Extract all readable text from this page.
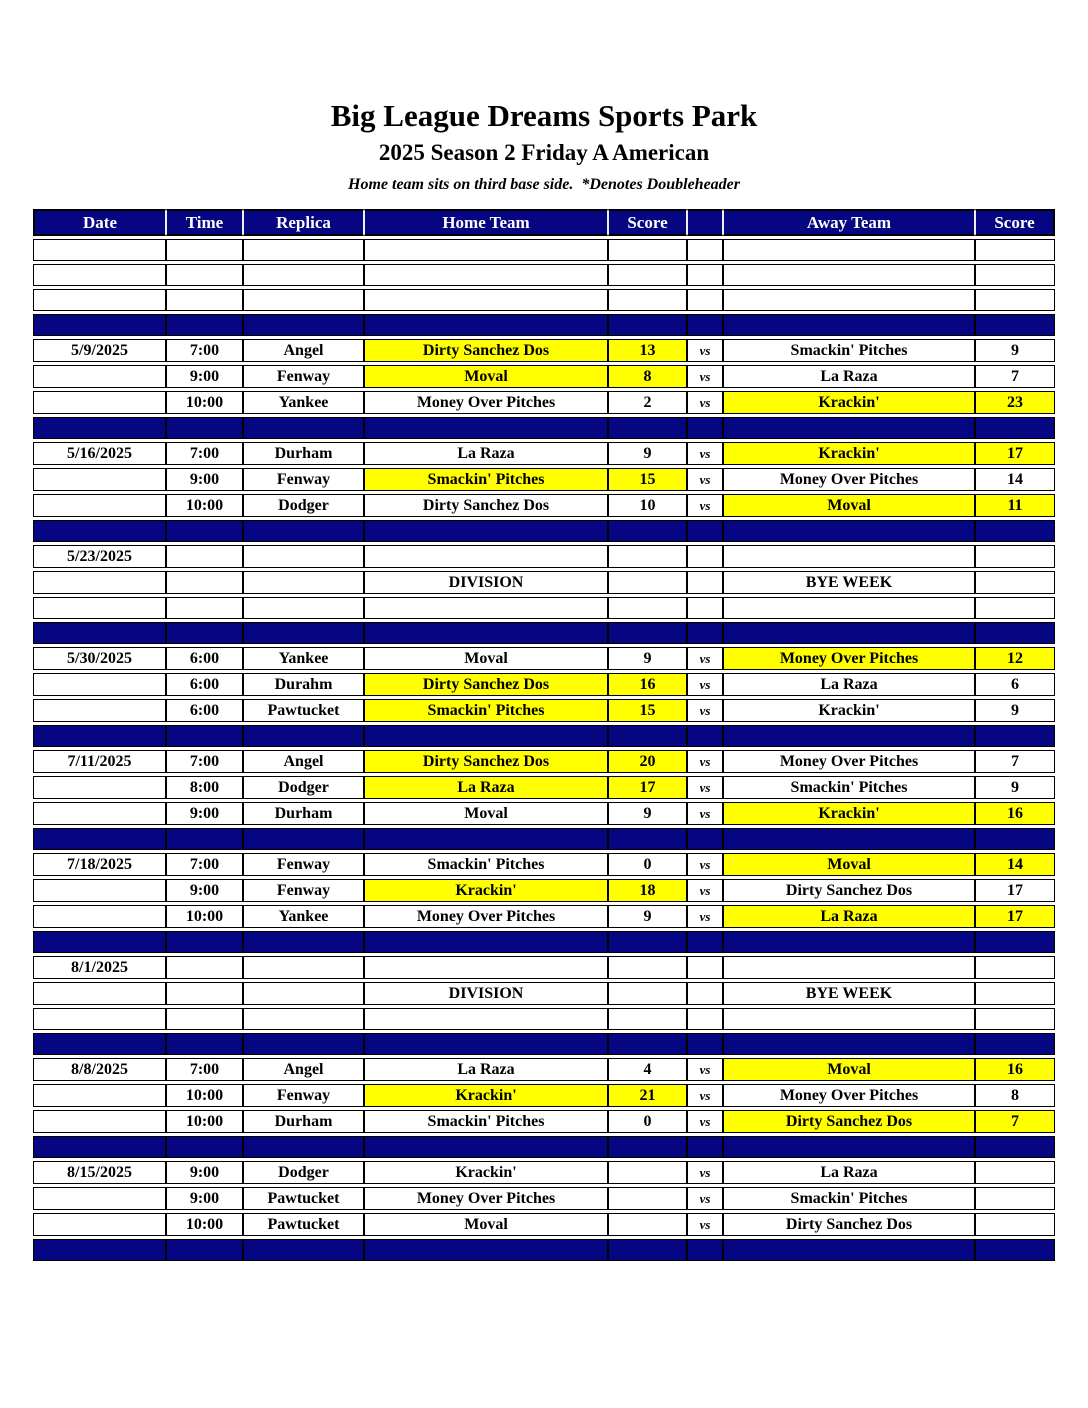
Big League Dreams Sports Park
2025 Season 2 Friday A American

Home team sits on third base side.  *Denotes Doubleheader

Date	Time	Replica	Home Team	Score		Away Team	Score

5/9/2025	7:00	Angel	Dirty Sanchez Dos	13	vs	Smackin' Pitches	9
	9:00	Fenway	Moval	8	vs	La Raza	7
	10:00	Yankee	Money Over Pitches	2	vs	Krackin'	23

5/16/2025	7:00	Durham	La Raza	9	vs	Krackin'	17
	9:00	Fenway	Smackin' Pitches	15	vs	Money Over Pitches	14
	10:00	Dodger	Dirty Sanchez Dos	10	vs	Moval	11

5/23/2025							
			DIVISION			BYE WEEK	

5/30/2025	6:00	Yankee	Moval	9	vs	Money Over Pitches	12
	6:00	Durahm	Dirty Sanchez Dos	16	vs	La Raza	6
	6:00	Pawtucket	Smackin' Pitches	15	vs	Krackin'	9

7/11/2025	7:00	Angel	Dirty Sanchez Dos	20	vs	Money Over Pitches	7
	8:00	Dodger	La Raza	17	vs	Smackin' Pitches	9
	9:00	Durham	Moval	9	vs	Krackin'	16

7/18/2025	7:00	Fenway	Smackin' Pitches	0	vs	Moval	14
	9:00	Fenway	Krackin'	18	vs	Dirty Sanchez Dos	17
	10:00	Yankee	Money Over Pitches	9	vs	La Raza	17

8/1/2025							
			DIVISION			BYE WEEK	

8/8/2025	7:00	Angel	La Raza	4	vs	Moval	16
	10:00	Fenway	Krackin'	21	vs	Money Over Pitches	8
	10:00	Durham	Smackin' Pitches	0	vs	Dirty Sanchez Dos	7

8/15/2025	9:00	Dodger	Krackin'		vs	La Raza	
	9:00	Pawtucket	Money Over Pitches		vs	Smackin' Pitches	
	10:00	Pawtucket	Moval		vs	Dirty Sanchez Dos	
